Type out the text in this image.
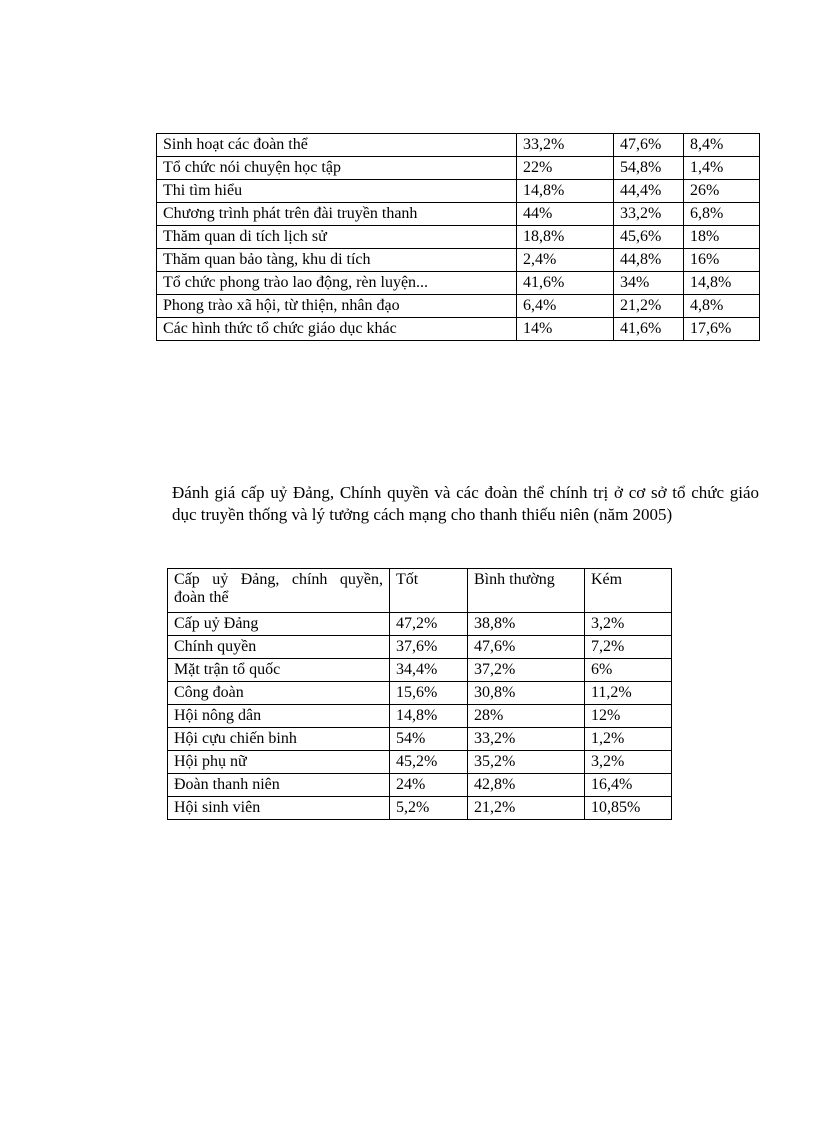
Sinh hoạt các đoàn thể	33,2%	47,6%	8,4%
Tổ chức nói chuyện học tập	22%	54,8%	1,4%
Thi tìm hiểu	14,8%	44,4%	26%
Chương trình phát trên đài truyền thanh	44%	33,2%	6,8%
Thăm quan di tích lịch sử	18,8%	45,6%	18%
Thăm quan bảo tàng, khu di tích	2,4%	44,8%	16%
Tổ chức phong trào lao động, rèn luyện...	41,6%	34%	14,8%
Phong trào xã hội, từ thiện, nhân đạo	6,4%	21,2%	4,8%
Các hình thức tổ chức giáo dục khác	14%	41,6%	17,6%
Đánh giá cấp uỷ Đảng, Chính quyền và các đoàn thể chính trị ở cơ sở tổ chức giáo dục truyền thống và lý tưởng cách mạng cho thanh thiếu niên (năm 2005)
Cấp uỷ Đảng, chính quyền, đoàn thể	Tốt	Bình thường	Kém
Cấp uỷ Đảng	47,2%	38,8%	3,2%
Chính quyền	37,6%	47,6%	7,2%
Mặt trận tổ quốc	34,4%	37,2%	6%
Công đoàn	15,6%	30,8%	11,2%
Hội nông dân	14,8%	28%	12%
Hội cựu chiến binh	54%	33,2%	1,2%
Hội phụ nữ	45,2%	35,2%	3,2%
Đoàn thanh niên	24%	42,8%	16,4%
Hội sinh viên	5,2%	21,2%	10,85%
